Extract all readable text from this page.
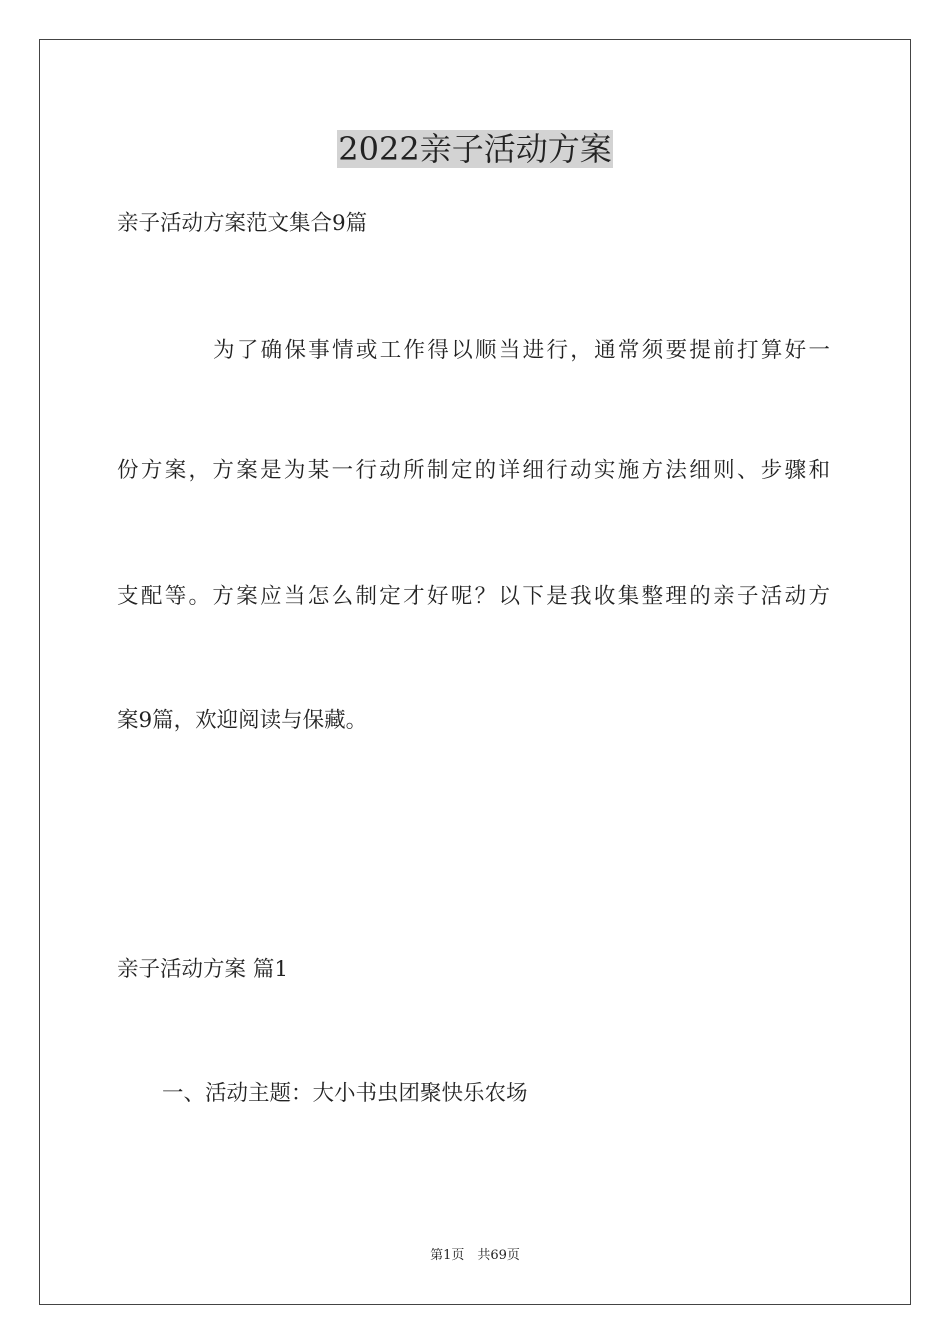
2022亲子活动方案
亲子活动方案范文集合9篇
为了确保事情或工作得以顺当进行，通常须要提前打算好一
份方案，方案是为某一行动所制定的详细行动实施方法细则、步骤和
支配等。方案应当怎么制定才好呢？以下是我收集整理的亲子活动方
案9篇，欢迎阅读与保藏。
亲子活动方案 篇1
一、活动主题：大小书虫团聚快乐农场
第1页　共69页
